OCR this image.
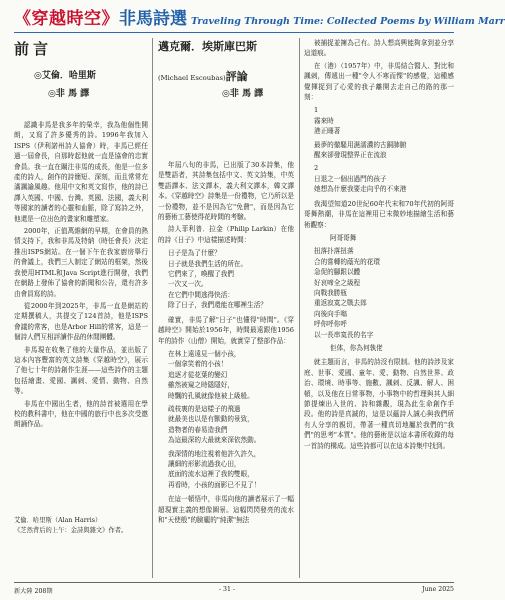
《穿越時空》非馬詩選 Traveling Through Time: Collected Poems by William Marr
前言
◎艾倫．哈里斯
◎非 馬 譯
邁克爾．埃斯庫巴斯
(Michael Escoubas)評論
◎非 馬 譯

認識非馬是我多年的榮幸，我為他個性開朗，又寫了許多優秀的詩。1996年我加入ISPS（伊利諾州詩人協會）時，非馬已經任過一屆會長，自那時起他就一直是協會的忠實會員。我一直在關注非馬的成長，他是一位多產的詩人，創作的詩簡短、深刻，而且常常充滿諷諭風趣。他用中文和英文寫作，他的詩已譯入英國、中國、台灣、英國、法國，義大利等國家的讀者的心靈和血脈，除了寫詩之外，他還是一位出色的畫家和雕塑家。

2000年，正值萬維網的早期，在會員的熱情支持下，我和非馬及特納（時任會長）決定推出ISPS網站。在一個下午在我家廚房舉行的會議上，我們三人制定了網站的框架，然後我使用HTML和Java Script進行開發，我們在網路上發佈了協會的新聞和公告，還有許多由會員寫的詩。

從2000年到2025年，非馬一直是網站的定期撰稿人，共提交了124首詩，他是ISPS會議的常客，也是Arbor Hill的常客，這是一個詩人們互相評讀作品的休閒團體。

非馬現在收集了他的大量作品，並出版了這本內容豐富的英文詩集《穿越時空》，展示了他七十年的詩創作生涯——這些詩作的主題包括繪畫、愛國、諷刺、愛情、動物、自然等。

非馬在中國出生者，他的詩首被選用在學校的教科書中，他在中國的旅行中也多次受邀朗誦作品。

艾倫．哈里斯（Alan Harris）
《芝然背后的上午：金詩與雜文》作者。

年屆八旬的非馬，已出版了30本詩集，他是雙語者，其詩集包括中文、英文詩集，中英雙語譯本、法文譯本，義大利文譯本，韓文譯本。《穿越時空》詩集是一份禮物，它乃所以是一份禮物，並不是因為它"免費"，而是因為它的藝術工藝使得花時間的考驗。

詩人菲利普．拉金（Philip Larkin）在他的詩《日子》中這樣描述時間：

日子是為了什麼？
日子就是我們生活的所在。
它們來了，喚醒了我們
一次又一次。
在它們中間逃得快活：
除了日子，我們還能在哪裡生活？

確實，非馬了解"日子"也懂得"時間"。《穿越時空》開始於1956年，時間最遠跟他1956年的詩作（山僧）開始，就實穿了整部作品：

在林上遠遠見一個小孩，
一個拿笑着的小孩！
追逐才從花葉的變幻
雖然被窺之時隱隱好，
時飄的孔風就像他被上級般。
疏枝裏的是這樣子的飛過
就最美也以是有獸動的景致，
造物者的春易造我們
為這最深的大最就來深依然動。
我深情的地注視着他許久許久，
讓細的形影流過我心田，
底面的流水這裡了我的雙眼，
再看時，小孩的面影已不見了！

在這一頓悟中，非馬向他的讀者展示了一幅超現實主義的想像圖景。這幅閃閃發亮的流水和"天使般"的臉龐的"純潔"無法

被捕捉並擁為己有。詩人想高興能夠拿到並分享這道痕。

在（港）（1957年）中，非馬結合醫人、對比和諷刺，傳遞出一種"令人不寒而慄"的感覺，這種感覺揮捉到了心愛的我子離開去走自己的路的那一刻：

1
霧來時
港正睡著
最夢的徹騷用濕濡濃的古銅肺腑
醒來卻發現整界正在流浪
2
日退之一個出過門的孩子
她想為什麼我要走向乎的不來港

我渴望知道20世紀60年代末和70年代初的阿哥哥舞熱潮，非馬在這裡用已末微妙地描繪生活和藝術觀察：

阿哥哥舞
扭落扑落扭落
合的嘗轉的蔭光的花環
急促的腳跟以體
好哀啼全之級程
向戰我勝瓶
重返寂寞之戰去郎
向後向手嗡
呼你呼你呼
以一長串寞長的名字
佢体，你為何執佬

就主題而言，非馬的詩沒有限制。他的詩涉及家庭、世事、愛國、童年、愛、動物、自然世界、政治、環境、時事等、施數、諷刺、反諷、解人、困頓，以及他在日常事物，小事物中的哲理與其人細節提煉出入世的、詩和雜觀，現為此生命創作手段。他的詩是真誠的，這是以蘊詩人誠心與我們所有人分享的親切，帶著一種真切地屬於我們的"我們"的思考"本質"。他的藝術是以這本書所收錄的每一首詩的構成。這些詩都可以在這本詩集中找到。

新大陸 208期	- 31 -	June 2025
